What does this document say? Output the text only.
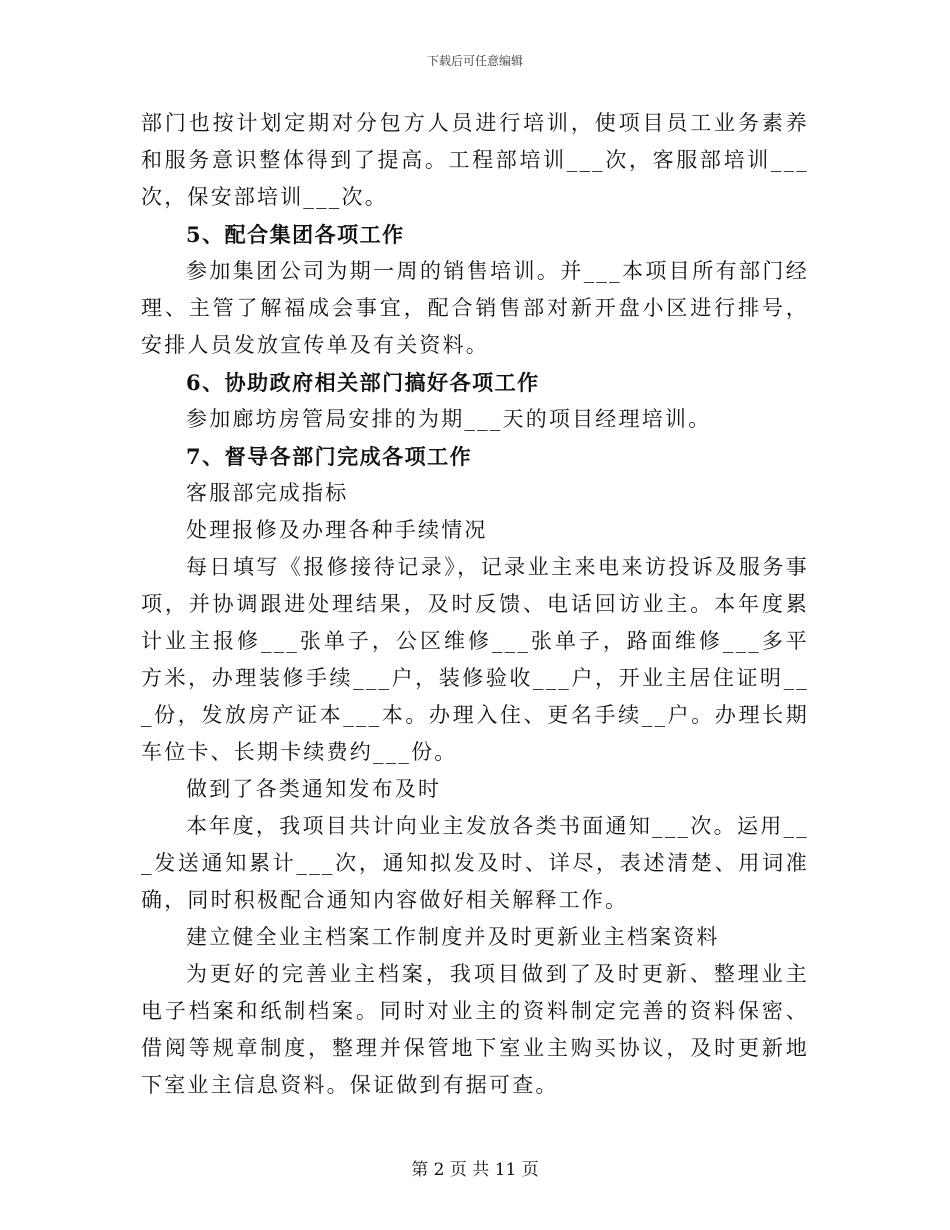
下载后可任意编辑

部门也按计划定期对分包方人员进行培训，使项目员工业务素养和服务意识整体得到了提高。工程部培训___次，客服部培训___次，保安部培训___次。

5、配合集团各项工作

参加集团公司为期一周的销售培训。并___本项目所有部门经理、主管了解福成会事宜，配合销售部对新开盘小区进行排号，安排人员发放宣传单及有关资料。

6、协助政府相关部门搞好各项工作

参加廊坊房管局安排的为期___天的项目经理培训。

7、督导各部门完成各项工作

客服部完成指标

处理报修及办理各种手续情况

每日填写《报修接待记录》，记录业主来电来访投诉及服务事项，并协调跟进处理结果，及时反馈、电话回访业主。本年度累计业主报修___张单子，公区维修___张单子，路面维修___多平方米，办理装修手续___户，装修验收___户，开业主居住证明___份，发放房产证本___本。办理入住、更名手续__户。办理长期车位卡、长期卡续费约___份。

做到了各类通知发布及时

本年度，我项目共计向业主发放各类书面通知___次。运用___发送通知累计___次，通知拟发及时、详尽，表述清楚、用词准确，同时积极配合通知内容做好相关解释工作。

建立健全业主档案工作制度并及时更新业主档案资料

为更好的完善业主档案，我项目做到了及时更新、整理业主电子档案和纸制档案。同时对业主的资料制定完善的资料保密、借阅等规章制度，整理并保管地下室业主购买协议，及时更新地下室业主信息资料。保证做到有据可查。

第 2 页 共 11 页
